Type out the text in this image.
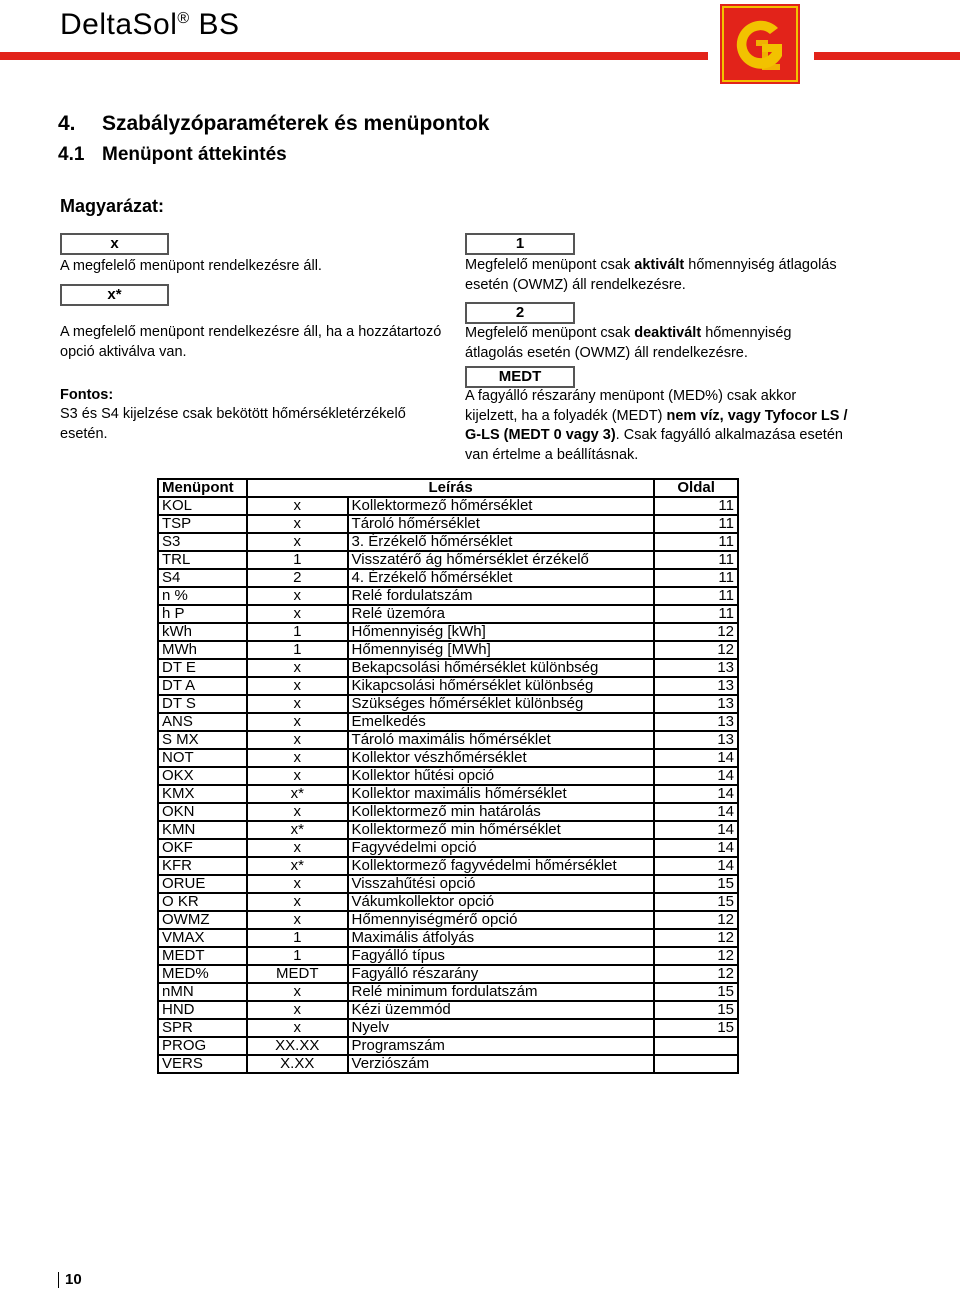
DeltaSol® BS
4. Szabályzóparaméterek és menüpontok
4.1 Menüpont áttekintés
Magyarázat:
x
A megfelelő menüpont rendelkezésre áll.
x*
A megfelelő menüpont rendelkezésre áll, ha a hozzátartozó opció aktiválva van.
Fontos:
S3 és S4 kijelzése csak bekötött hőmérsékletérzékelő esetén.
1
Megfelelő menüpont csak aktivált hőmennyiség átlagolás esetén (OWMZ) áll rendelkezésre.
2
Megfelelő menüpont csak deaktivált hőmennyiség átlagolás esetén (OWMZ) áll rendelkezésre.
MEDT
A fagyálló részarány menüpont (MED%) csak akkor kijelzett, ha a folyadék (MEDT) nem víz, vagy Tyfocor LS / G-LS (MEDT 0 vagy 3). Csak fagyálló alkalmazása esetén van értelme a beállításnak.
Menüpont	Leírás		Oldal
KOL	x	Kollektormező hőmérséklet	11
TSP	x	Tároló hőmérséklet	11
S3	x	3. Érzékelő hőmérséklet	11
TRL	1	Visszatérő ág hőmérséklet érzékelő	11
S4	2	4. Érzékelő hőmérséklet	11
n %	x	Relé fordulatszám	11
h P	x	Relé üzemóra	11
kWh	1	Hőmennyiség [kWh]	12
MWh	1	Hőmennyiség [MWh]	12
DT E	x	Bekapcsolási hőmérséklet különbség	13
DT A	x	Kikapcsolási hőmérséklet különbség	13
DT S	x	Szükséges hőmérséklet különbség	13
ANS	x	Emelkedés	13
S MX	x	Tároló maximális hőmérséklet	13
NOT	x	Kollektor vészhőmérséklet	14
OKX	x	Kollektor hűtési opció	14
KMX	x*	Kollektor maximális hőmérséklet	14
OKN	x	Kollektormező min határolás	14
KMN	x*	Kollektormező min hőmérséklet	14
OKF	x	Fagyvédelmi opció	14
KFR	x*	Kollektormező fagyvédelmi hőmérséklet	14
ORUE	x	Visszahűtési opció	15
O KR	x	Vákumkollektor opció	15
OWMZ	x	Hőmennyiségmérő opció	12
VMAX	1	Maximális átfolyás	12
MEDT	1	Fagyálló típus	12
MED%	MEDT	Fagyálló részarány	12
nMN	x	Relé minimum fordulatszám	15
HND	x	Kézi üzemmód	15
SPR	x	Nyelv	15
PROG	XX.XX	Programszám	
VERS	X.XX	Verziószám	
10
